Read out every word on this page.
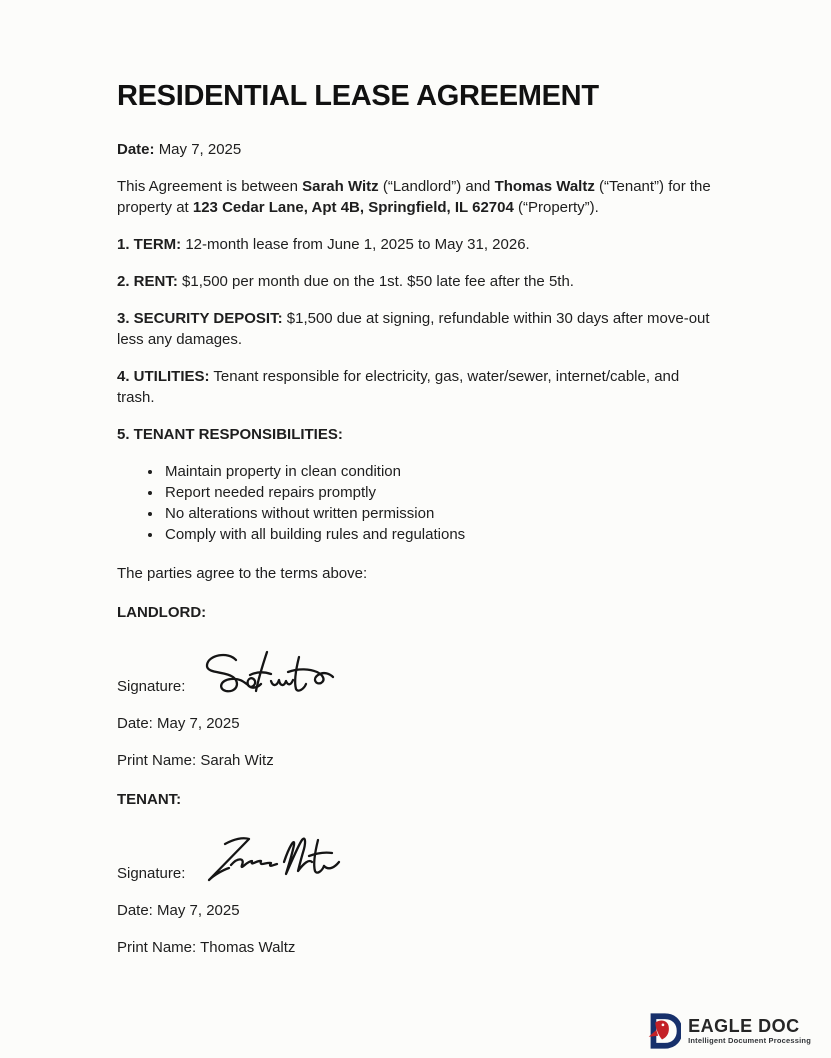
RESIDENTIAL LEASE AGREEMENT

Date: May 7, 2025

This Agreement is between Sarah Witz (“Landlord”) and Thomas Waltz (“Tenant”) for the property at 123 Cedar Lane, Apt 4B, Springfield, IL 62704 (“Property”).

1. TERM: 12-month lease from June 1, 2025 to May 31, 2026.

2. RENT: $1,500 per month due on the 1st. $50 late fee after the 5th.

3. SECURITY DEPOSIT: $1,500 due at signing, refundable within 30 days after move-out less any damages.

4. UTILITIES: Tenant responsible for electricity, gas, water/sewer, internet/cable, and trash.

5. TENANT RESPONSIBILITIES:

• Maintain property in clean condition
• Report needed repairs promptly
• No alterations without written permission
• Comply with all building rules and regulations

The parties agree to the terms above:

LANDLORD:
Signature:

Date: May 7, 2025

Print Name: Sarah Witz

TENANT:
Signature:

Date: May 7, 2025

Print Name: Thomas Waltz

EAGLE DOC
Intelligent Document Processing
